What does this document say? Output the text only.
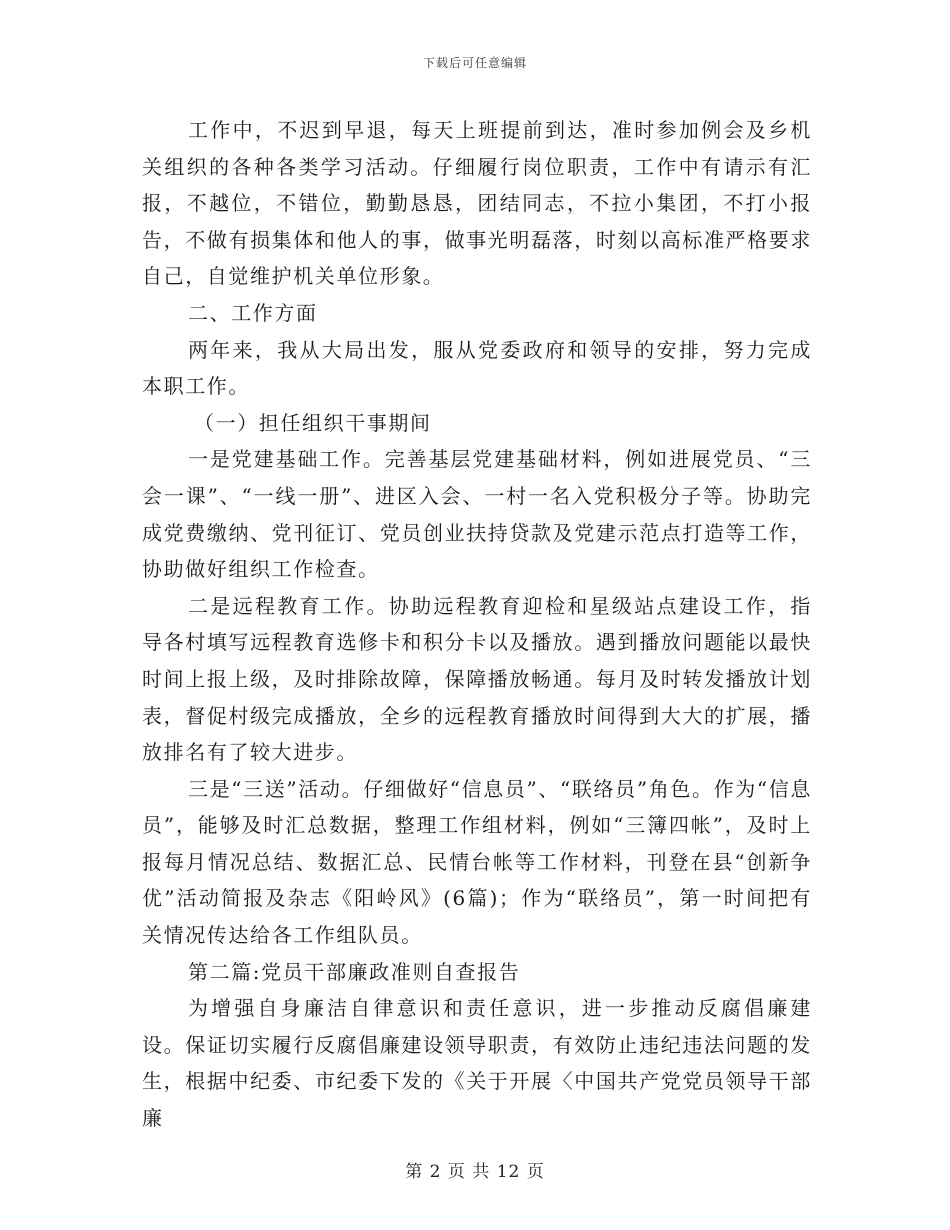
下载后可任意编辑

工作中，不迟到早退，每天上班提前到达，准时参加例会及乡机关组织的各种各类学习活动。仔细履行岗位职责，工作中有请示有汇报，不越位，不错位，勤勤恳恳，团结同志，不拉小集团，不打小报告，不做有损集体和他人的事，做事光明磊落，时刻以高标准严格要求自己，自觉维护机关单位形象。

二、工作方面

两年来，我从大局出发，服从党委政府和领导的安排，努力完成本职工作。

（一）担任组织干事期间

一是党建基础工作。完善基层党建基础材料，例如进展党员、“三会一课”、“一线一册”、进区入会、一村一名入党积极分子等。协助完成党费缴纳、党刊征订、党员创业扶持贷款及党建示范点打造等工作，协助做好组织工作检查。

二是远程教育工作。协助远程教育迎检和星级站点建设工作，指导各村填写远程教育选修卡和积分卡以及播放。遇到播放问题能以最快时间上报上级，及时排除故障，保障播放畅通。每月及时转发播放计划表，督促村级完成播放，全乡的远程教育播放时间得到大大的扩展，播放排名有了较大进步。

三是“三送”活动。仔细做好“信息员”、“联络员”角色。作为“信息员”，能够及时汇总数据，整理工作组材料，例如“三簿四帐”，及时上报每月情况总结、数据汇总、民情台帐等工作材料，刊登在县“创新争优”活动简报及杂志《阳岭风》(6篇)；作为“联络员”，第一时间把有关情况传达给各工作组队员。

第二篇:党员干部廉政准则自查报告

为增强自身廉洁自律意识和责任意识，进一步推动反腐倡廉建设。保证切实履行反腐倡廉建设领导职责，有效防止违纪违法问题的发生，根据中纪委、市纪委下发的《关于开展〈中国共产党党员领导干部廉

第 2 页 共 12 页
